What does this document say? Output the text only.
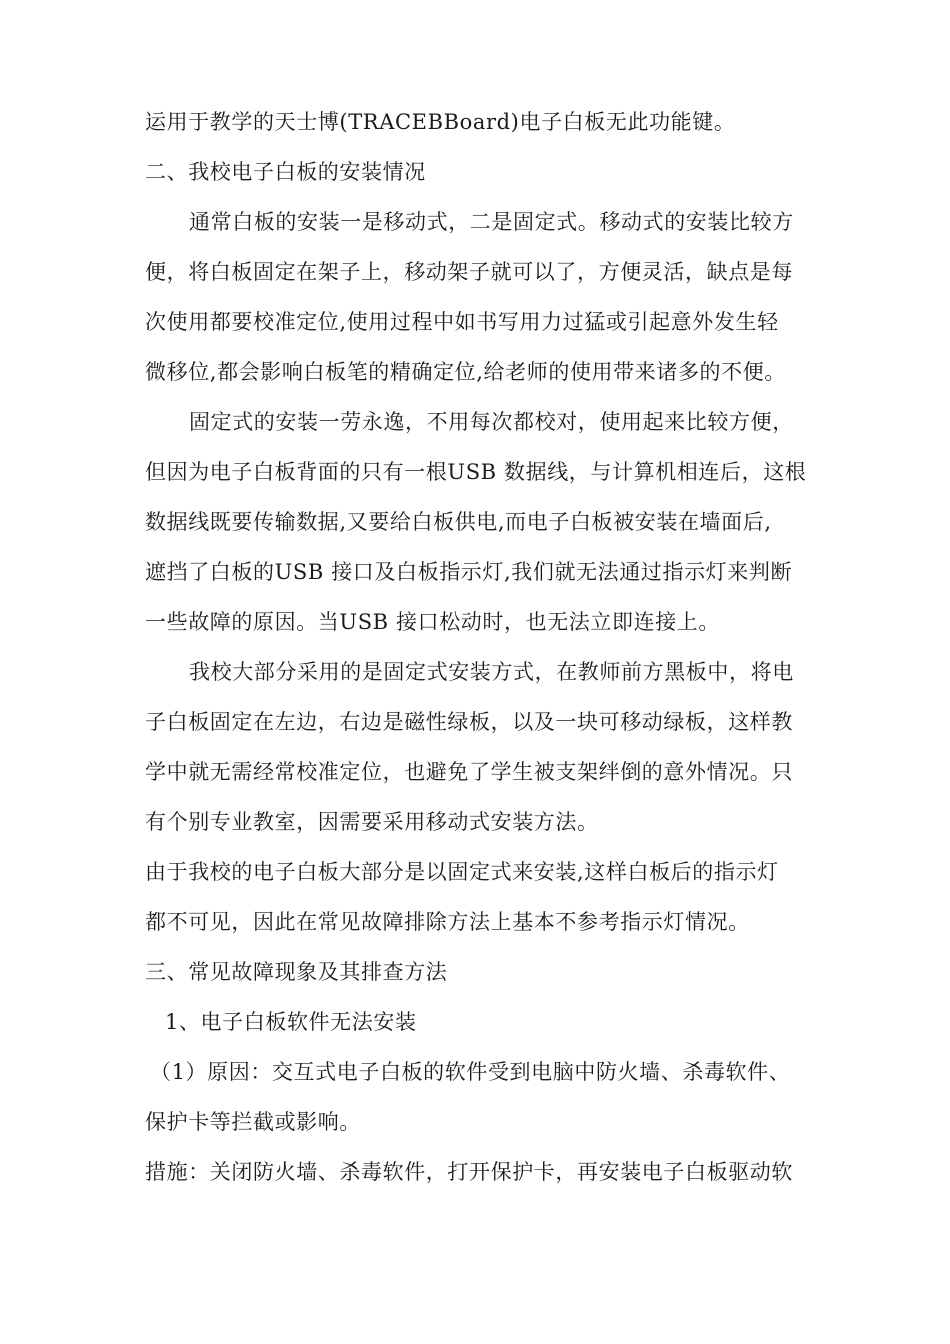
运用于教学的天士博(TRACEBBoard)电子白板无此功能键。
二、我校电子白板的安装情况
通常白板的安装一是移动式，二是固定式。移动式的安装比较方
便，将白板固定在架子上，移动架子就可以了，方便灵活，缺点是每
次使用都要校准定位,使用过程中如书写用力过猛或引起意外发生轻
微移位,都会影响白板笔的精确定位,给老师的使用带来诸多的不便。
固定式的安装一劳永逸，不用每次都校对，使用起来比较方便，
但因为电子白板背面的只有一根USB 数据线，与计算机相连后，这根
数据线既要传输数据,又要给白板供电,而电子白板被安装在墙面后,
遮挡了白板的USB 接口及白板指示灯,我们就无法通过指示灯来判断
一些故障的原因。当USB 接口松动时，也无法立即连接上。
我校大部分采用的是固定式安装方式，在教师前方黑板中，将电
子白板固定在左边，右边是磁性绿板，以及一块可移动绿板，这样教
学中就无需经常校准定位，也避免了学生被支架绊倒的意外情况。只
有个别专业教室，因需要采用移动式安装方法。
由于我校的电子白板大部分是以固定式来安装,这样白板后的指示灯
都不可见，因此在常见故障排除方法上基本不参考指示灯情况。
三、常见故障现象及其排查方法
1、电子白板软件无法安装
（1）原因：交互式电子白板的软件受到电脑中防火墙、杀毒软件、
保护卡等拦截或影响。
措施：关闭防火墙、杀毒软件，打开保护卡，再安装电子白板驱动软
